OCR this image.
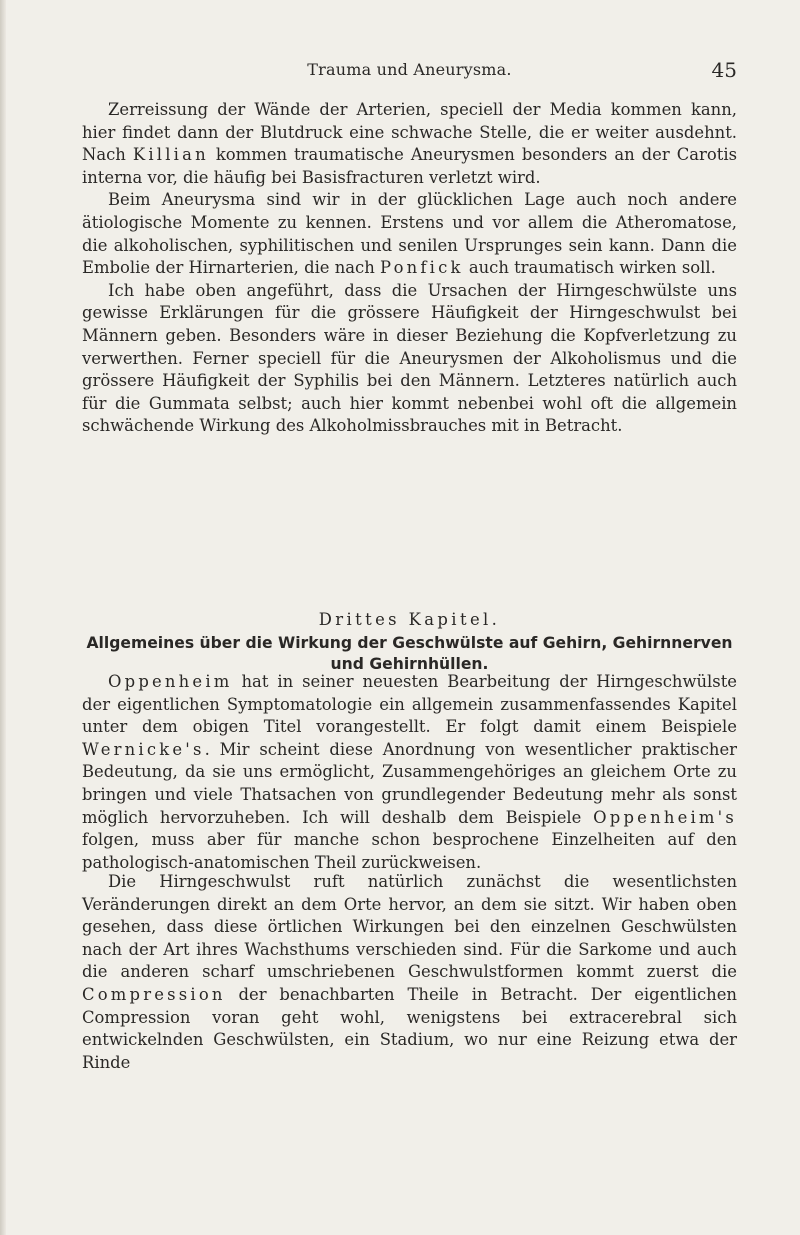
Trauma und Aneurysma.	45

Zerreissung der Wände der Arterien, speciell der Media kommen kann, hier findet dann der Blutdruck eine schwache Stelle, die er weiter ausdehnt. Nach Killian kommen traumatische Aneurysmen besonders an der Carotis interna vor, die häufig bei Basisfracturen verletzt wird.

Beim Aneurysma sind wir in der glücklichen Lage auch noch andere ätiologische Momente zu kennen. Erstens und vor allem die Atheromatose, die alkoholischen, syphilitischen und senilen Ursprunges sein kann. Dann die Embolie der Hirnarterien, die nach Ponfick auch traumatisch wirken soll.

Ich habe oben angeführt, dass die Ursachen der Hirngeschwülste uns gewisse Erklärungen für die grössere Häufigkeit der Hirngeschwulst bei Männern geben. Besonders wäre in dieser Beziehung die Kopfverletzung zu verwerthen. Ferner speciell für die Aneurysmen der Alkoholismus und die grössere Häufigkeit der Syphilis bei den Männern. Letzteres natürlich auch für die Gummata selbst; auch hier kommt nebenbei wohl oft die allgemein schwächende Wirkung des Alkoholmissbrauches mit in Betracht.

Drittes Kapitel.
Allgemeines über die Wirkung der Geschwülste auf Gehirn, Gehirnnerven und Gehirnhüllen.

Oppenheim hat in seiner neuesten Bearbeitung der Hirngeschwülste der eigentlichen Symptomatologie ein allgemein zusammenfassendes Kapitel unter dem obigen Titel vorangestellt. Er folgt damit einem Beispiele Wernicke's. Mir scheint diese Anordnung von wesentlicher praktischer Bedeutung, da sie uns ermöglicht, Zusammengehöriges an gleichem Orte zu bringen und viele Thatsachen von grundlegender Bedeutung mehr als sonst möglich hervorzuheben. Ich will deshalb dem Beispiele Oppenheim's folgen, muss aber für manche schon besprochene Einzelheiten auf den pathologisch-anatomischen Theil zurückweisen.

Die Hirngeschwulst ruft natürlich zunächst die wesentlichsten Veränderungen direkt an dem Orte hervor, an dem sie sitzt. Wir haben oben gesehen, dass diese örtlichen Wirkungen bei den einzelnen Geschwülsten nach der Art ihres Wachsthums verschieden sind. Für die Sarkome und auch die anderen scharf umschriebenen Geschwulstformen kommt zuerst die Compression der benachbarten Theile in Betracht. Der eigentlichen Compression voran geht wohl, wenigstens bei extracerebral sich entwickelnden Geschwülsten, ein Stadium, wo nur eine Reizung etwa der Rinde
